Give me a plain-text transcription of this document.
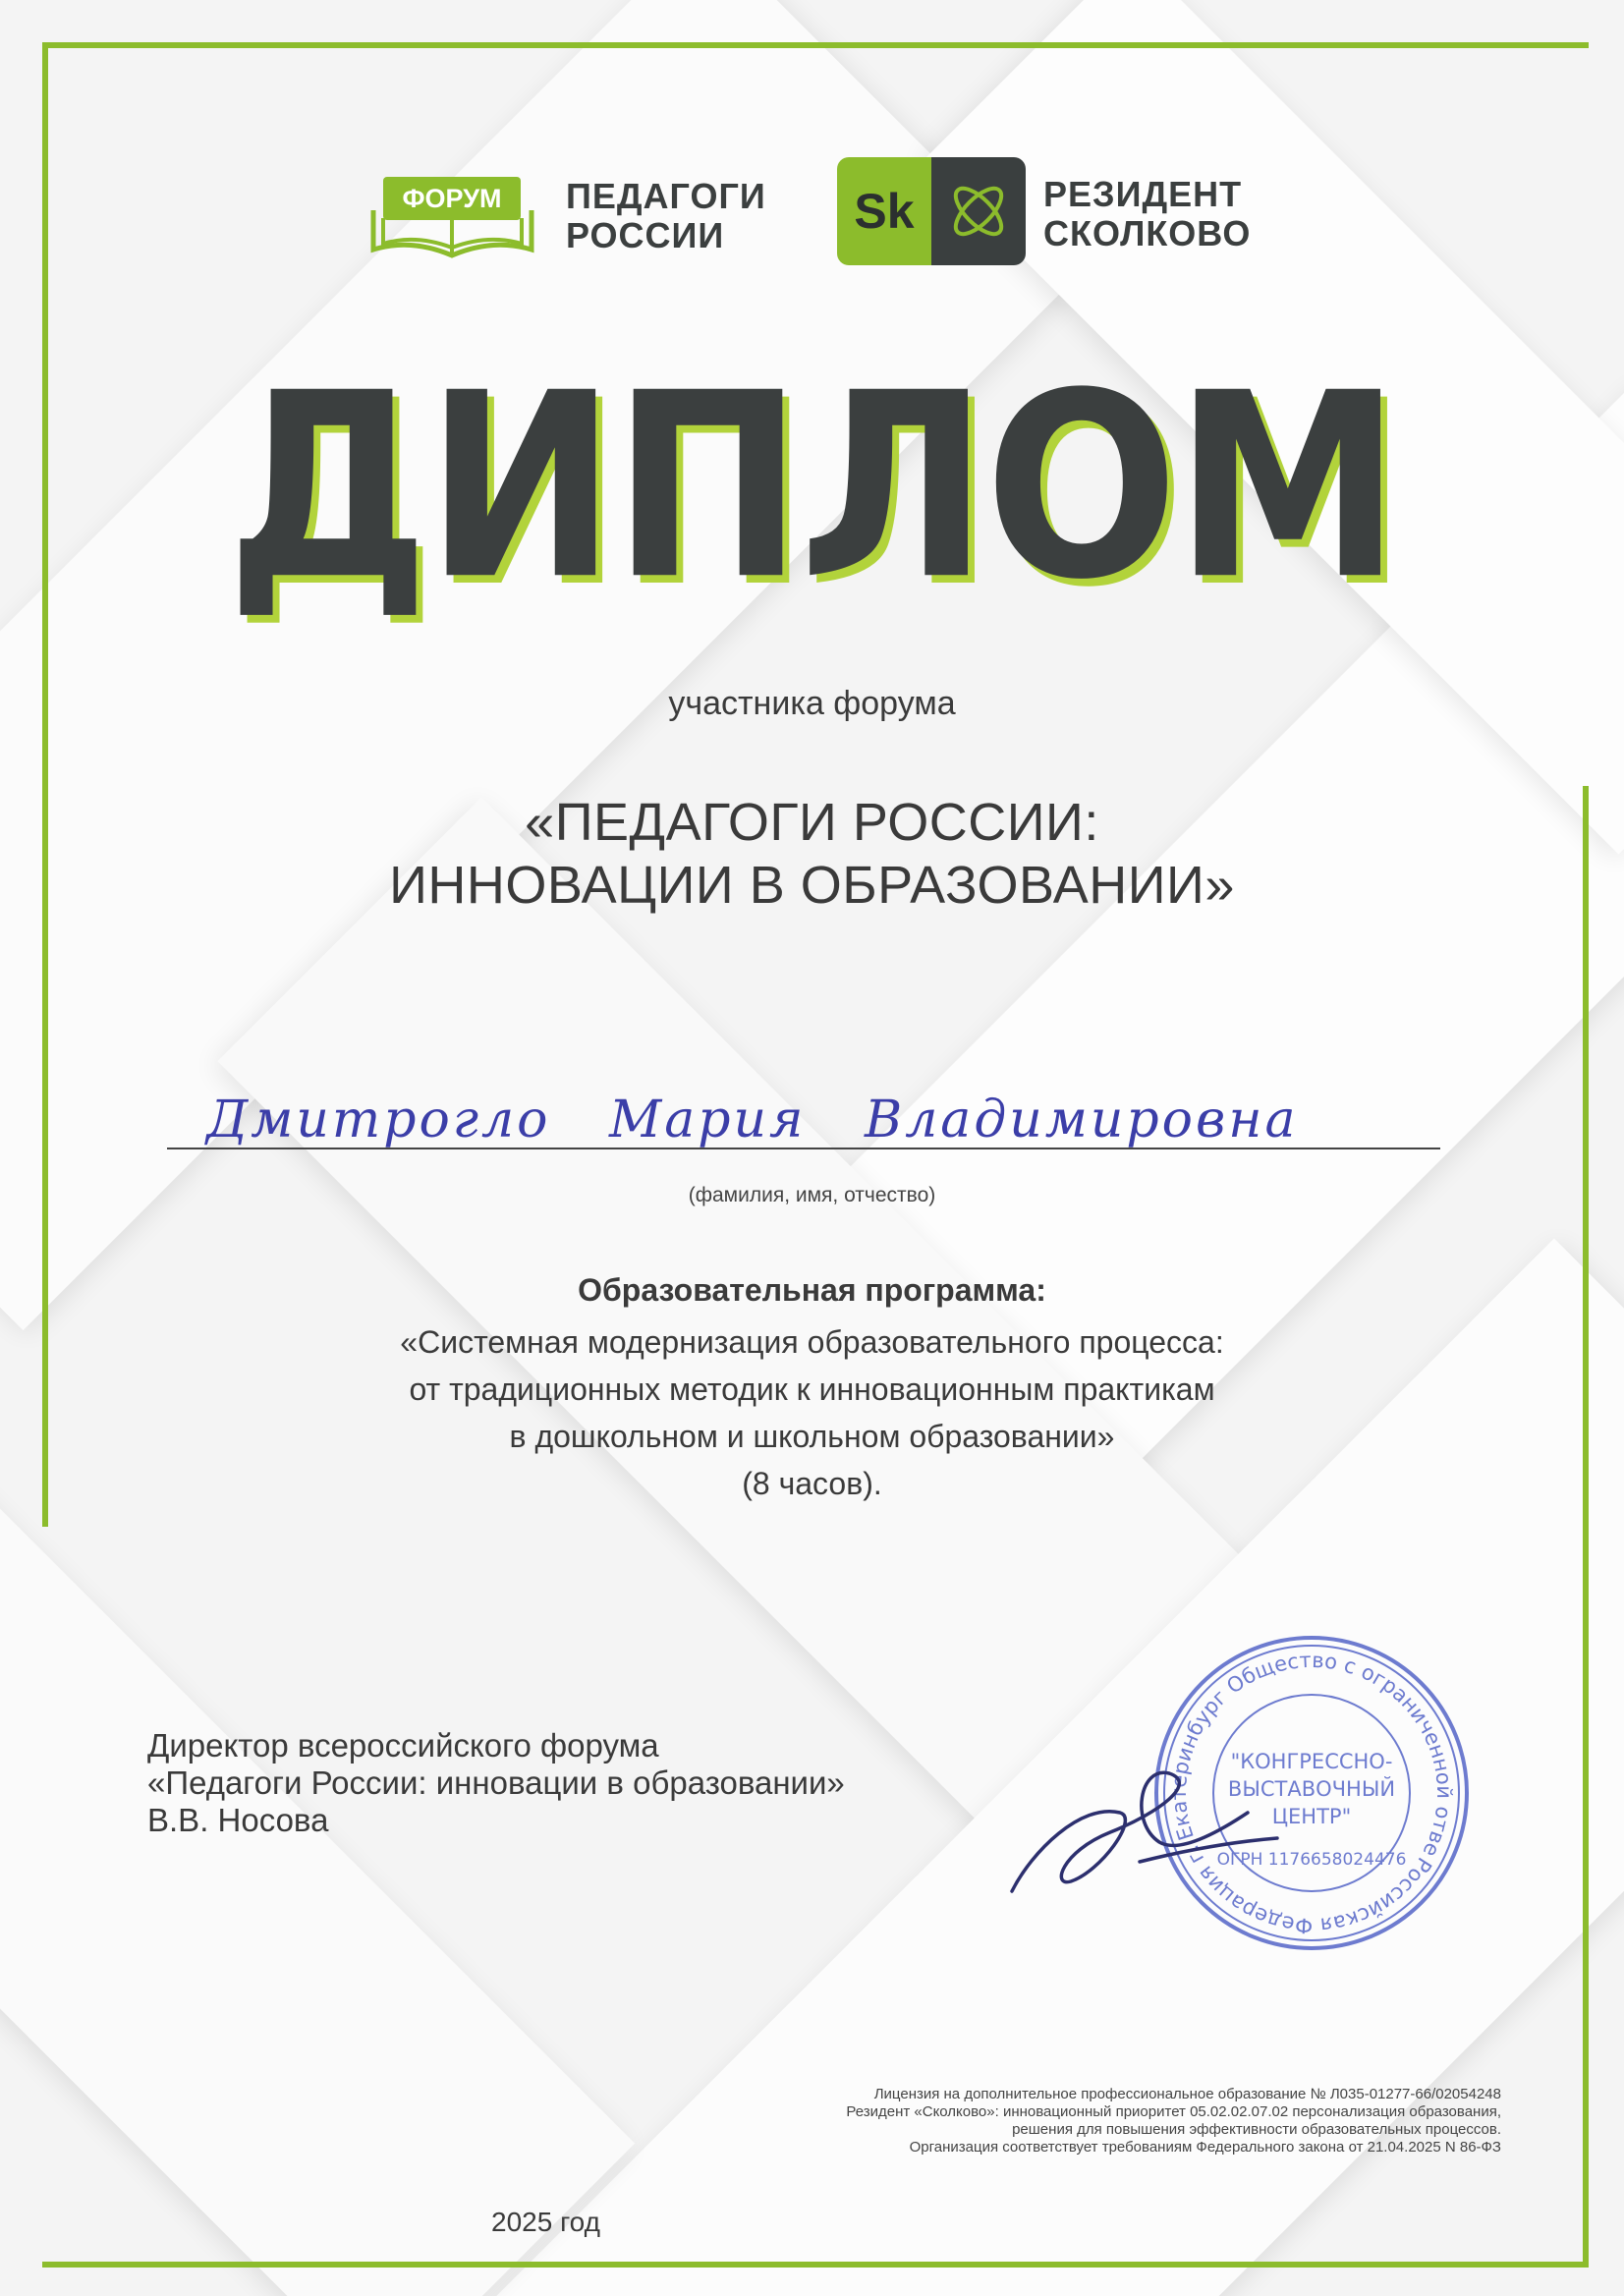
ФОРУМ	ПЕДАГОГИ
РОССИИ	Sk	РЕЗИДЕНТ
СКОЛКОВО
ДИПЛОМ
участника форума
«ПЕДАГОГИ РОССИИ:
ИННОВАЦИИ В ОБРАЗОВАНИИ»
Дмитрогло Мария Владимировна
(фамилия, имя, отчество)
Образовательная программа:
«Системная модернизация образовательного процесса:
от традиционных методик к инновационным практикам
в дошкольном и школьном образовании»
(8 часов).
Директор всероссийского форума
«Педагоги России: инновации в образовании»
В.В. Носова
Российская Федерация г. Екатеринбург Общество с ограниченной ответственностью
"КОНГРЕССНО-
ВЫСТАВОЧНЫЙ
ЦЕНТР"
ОГРН 1176658024476
Лицензия на дополнительное профессиональное образование № Л035-01277-66/02054248
Резидент «Сколково»: инновационный приоритет 05.02.02.07.02 персонализация образования,
решения для повышения эффективности образовательных процессов.
Организация соответствует требованиям Федерального закона от 21.04.2025 N 86-ФЗ
2025 год
